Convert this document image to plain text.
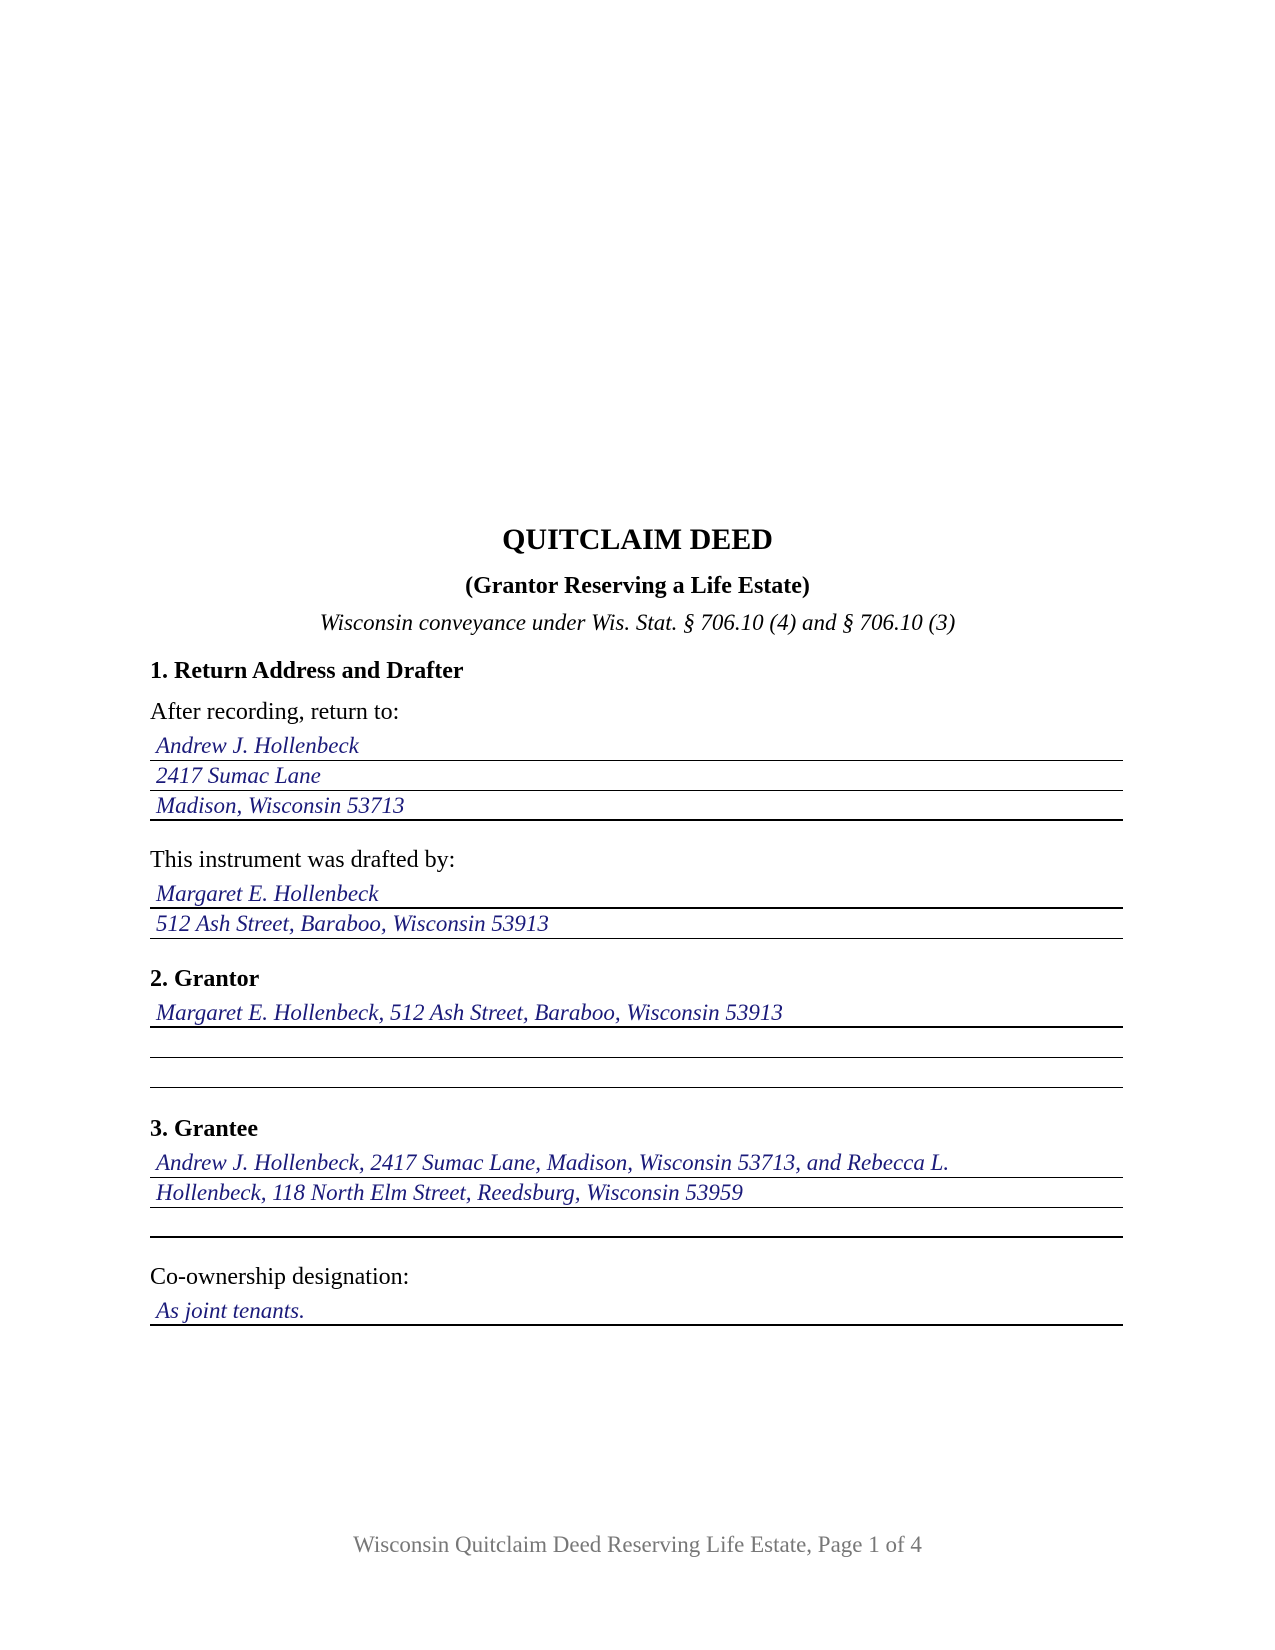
QUITCLAIM DEED
(Grantor Reserving a Life Estate)
Wisconsin conveyance under Wis. Stat. § 706.10 (4) and § 706.10 (3)
1. Return Address and Drafter
After recording, return to:
Andrew J. Hollenbeck
2417 Sumac Lane
Madison, Wisconsin 53713
This instrument was drafted by:
Margaret E. Hollenbeck
512 Ash Street, Baraboo, Wisconsin 53913
2. Grantor
Margaret E. Hollenbeck, 512 Ash Street, Baraboo, Wisconsin 53913
3. Grantee
Andrew J. Hollenbeck, 2417 Sumac Lane, Madison, Wisconsin 53713, and Rebecca L.
Hollenbeck, 118 North Elm Street, Reedsburg, Wisconsin 53959
Co-ownership designation:
As joint tenants.
Wisconsin Quitclaim Deed Reserving Life Estate, Page 1 of 4
